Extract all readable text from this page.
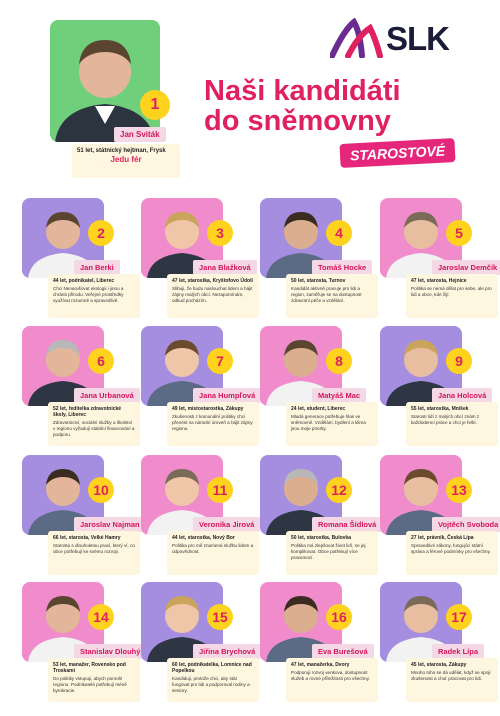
SLK
Naši kandidáti
do sněmovny
STAROSTOVÉ
1
Jan Sviták
51 let, státnický hejtman, Frysk
Jedu fér
2
Jan Berki
44 let, podnikatel, Liberec
Chci Nenarušovat ekologii i jinou a chránit přírodu. Veřejné prostředky využívat rozumně a spravedlivě.
3
Jana Blažková
47 let, starostka, Kryštofovo Údolí
Slibuji, že budu naslouchat lidem a hájit zájmy malých obcí. Nezapomínám, odkud pocházím.
4
Tomáš Hocke
50 let, starosta, Turnov
Kandidát aktivně pracuje pro lidi a region, zaměřuje se na dostupnost zdravotní péče a vzdělání.
5
Jaroslav Demčík
47 let, starosta, Hejnice
Politika se nemá dělat pro sebe, ale pro lidi a obce, kde žijí.
6
Jana Urbanová
52 let, ředitelka zdravotnické školy, Liberec
Zdravotnictví, sociální služby a školství v regionu vyžadují stabilní financování a podporu.
7
Jana Humpľová
49 let, místostarostka, Zákupy
Zkušenosti z komunální politiky chci přenést na národní úroveň a hájit zájmy regionu.
8
Matyáš Mac
24 let, student, Liberec
Mladá generace potřebuje hlas ve sněmovně. Vzdělání, bydlení a klima jsou moje priority.
9
Jana Holcová
55 let, starostka, Mníšek
Starosti lidí z malých obcí znám z každodenní práce a chci je řešit.
10
Jaroslav Najman
66 let, starosta, Velké Hamry
Starosta s dlouholetou praxí, který ví, co obce potřebují ke svému rozvoji.
11
Veronika Jirová
44 let, starostka, Nový Bor
Politika pro mě znamená službu lidem a odpovědnost.
12
Romana Šídlová
50 let, starostka, Bulovka
Politika má zlepšovat život lidí, ne jej komplikovat. Obce potřebují více pravomocí.
13
Vojtěch Svoboda
27 let, právník, Česká Lípa
Spravedlivé zákony, fungující státní správa a férové podmínky pro všechny.
14
Stanislav Dlouhý
53 let, manažer, Rovensko pod Troskami
Do politiky vstupuji, abych pomohl regionu. Podnikatelé potřebují méně byrokracie.
15
Jiřina Brychová
60 let, podnikatelka, Lomnice nad Popelkou
Kandiduji, protože chci, aby stát fungoval pro lidi a podporoval rodiny a seniory.
16
Eva Burešová
47 let, manažerka, Dvory
Podporuji rozvoj venkova, dostupnost služeb a rovné příležitosti pro všechny.
17
Radek Lípa
45 let, starosta, Zákupy
Mnoho toho se dá udělat, když se spojí zkušenosti a chuť pracovat pro lidi.
